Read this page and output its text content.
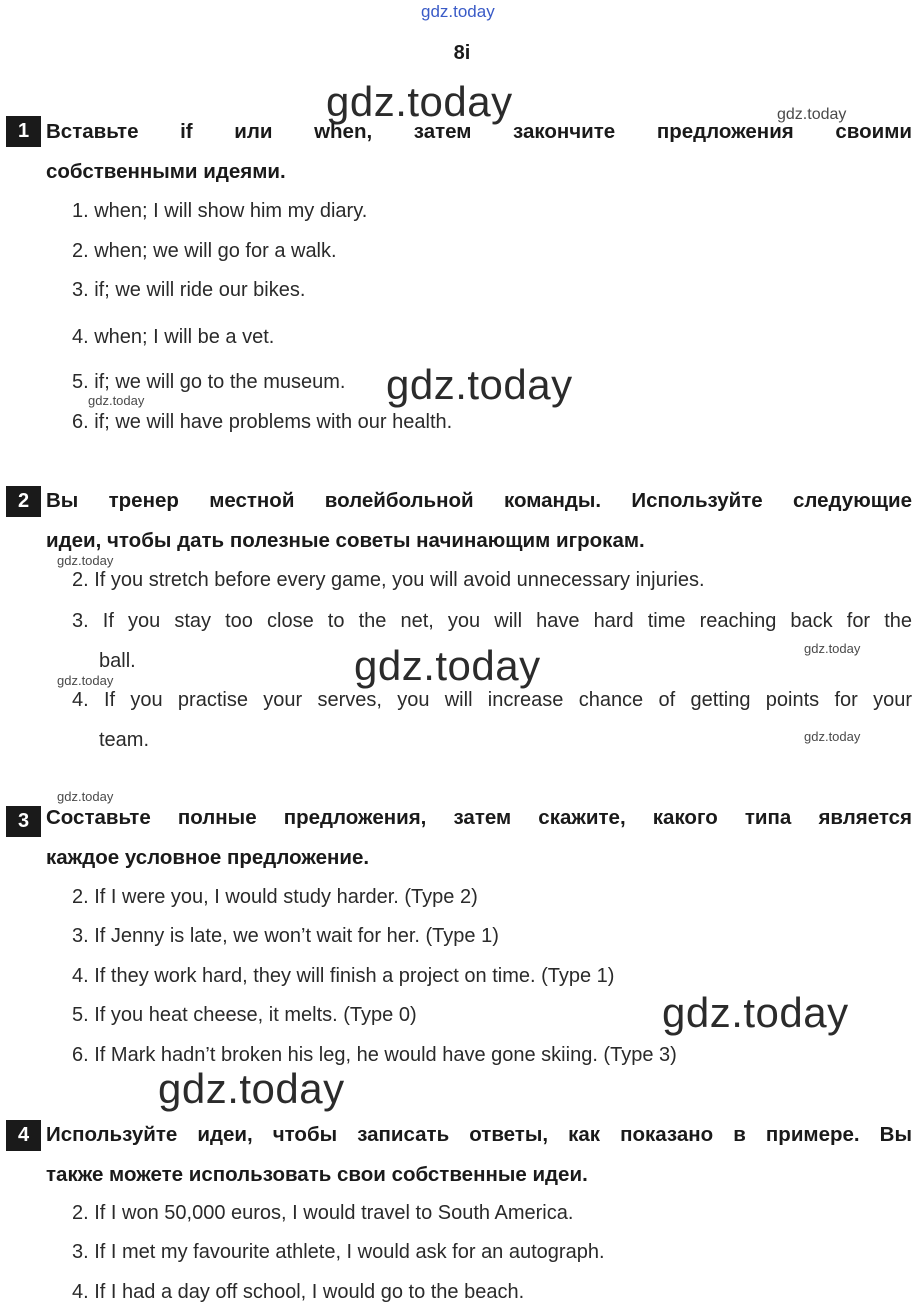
gdz.today
8i
gdz.today
gdz.today
gdz.today
gdz.today
gdz.today
gdz.today
gdz.today
gdz.today
gdz.today
gdz.today
gdz.today
gdz.today
1 Вставьте if или when, затем закончите предложения своими
собственными идеями.
1. when; I will show him my diary.
2. when; we will go for a walk.
3. if; we will ride our bikes.
4. when; I will be a vet.
5. if; we will go to the museum.
6. if; we will have problems with our health.
2 Вы тренер местной волейбольной команды. Используйте следующие
идеи, чтобы дать полезные советы начинающим игрокам.
2. If you stretch before every game, you will avoid unnecessary injuries.
3. If you stay too close to the net, you will have hard time reaching back for the
ball.
4. If you practise your serves, you will increase chance of getting points for your
team.
3 Составьте полные предложения, затем скажите, какого типа является
каждое условное предложение.
2. If I were you, I would study harder. (Type 2)
3. If Jenny is late, we won’t wait for her. (Type 1)
4. If they work hard, they will finish a project on time. (Type 1)
5. If you heat cheese, it melts. (Type 0)
6. If Mark hadn’t broken his leg, he would have gone skiing. (Type 3)
4 Используйте идеи, чтобы записать ответы, как показано в примере. Вы
также можете использовать свои собственные идеи.
2. If I won 50,000 euros, I would travel to South America.
3. If I met my favourite athlete, I would ask for an autograph.
4. If I had a day off school, I would go to the beach.
